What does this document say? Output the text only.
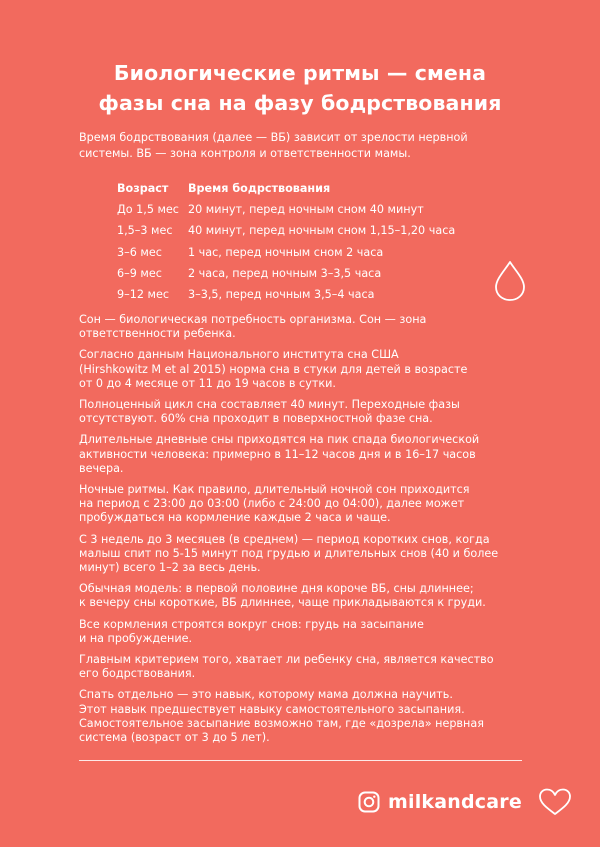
Биологические ритмы — смена
фазы сна на фазу бодрствования

Время бодрствования (далее — ВБ) зависит от зрелости нервной
системы. ВБ — зона контроля и ответственности мамы.

Возраст	Время бодрствования
До 1,5 мес	20 минут, перед ночным сном 40 минут
1,5–3 мес	40 минут, перед ночным сном 1,15–1,20 часа
3–6 мес	1 час, перед ночным сном 2 часа
6–9 мес	2 часа, перед ночным 3–3,5 часа
9–12 мес	3–3,5, перед ночным 3,5–4 часа

Сон — биологическая потребность организма. Сон — зона
ответственности ребенка.

Согласно данным Национального института сна США
(Hirshkowitz M et al 2015) норма сна в стуки для детей в возрасте
от 0 до 4 месяце от 11 до 19 часов в сутки.

Полноценный цикл сна составляет 40 минут. Переходные фазы
отсутствуют. 60% сна проходит в поверхностной фазе сна.

Длительные дневные сны приходятся на пик спада биологической
активности человека: примерно в 11–12 часов дня и в 16–17 часов
вечера.

Ночные ритмы. Как правило, длительный ночной сон приходится
на период с 23:00 до 03:00 (либо с 24:00 до 04:00), далее может
пробуждаться на кормление каждые 2 часа и чаще.

С 3 недель до 3 месяцев (в среднем) — период коротких снов, когда
малыш спит по 5-15 минут под грудью и длительных снов (40 и более
минут) всего 1–2 за весь день.

Обычная модель: в первой половине дня короче ВБ, сны длиннее;
к вечеру сны короткие, ВБ длиннее, чаще прикладываются к груди.

Все кормления строятся вокруг снов: грудь на засыпание
и на пробуждение.

Главным критерием того, хватает ли ребенку сна, является качество
его бодрствования.

Спать отдельно — это навык, которому мама должна научить.
Этот навык предшествует навыку самостоятельного засыпания.
Самостоятельное засыпание возможно там, где «дозрела» нервная
система (возраст от 3 до 5 лет).

milkandcare
